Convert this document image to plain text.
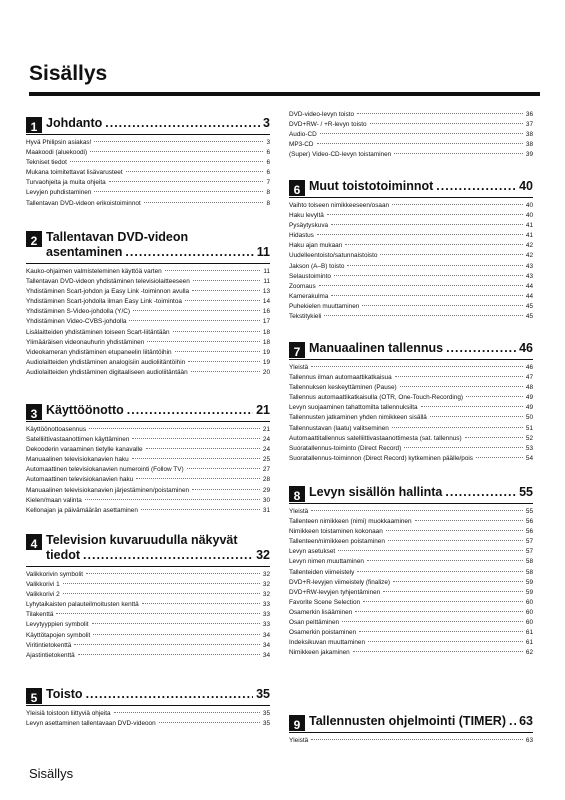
Sisällys
1 Johdanto .....	3
Hyvä Philipsin asiakas!	3
Maakoodi (aluekoodi)	6
Tekniset tiedot	6
Mukana toimitettavat lisävarusteet	6
Turvaohjeita ja muita ohjeita	7
Levyjen puhdistaminen	8
Tallentavan DVD-videon erikoistoiminnot	8
2 Tallentavan DVD-videon
asentaminen .....	11
Kauko-ohjaimen valmisteleminen käyttöä varten	11
Tallentavan DVD-videon yhdistäminen televisiolaitteeseen	11
Yhdistäminen Scart-johdon ja Easy Link -toiminnon avulla	13
Yhdistäminen Scart-johdolla ilman Easy Link -toimintoa	14
Yhdistäminen S-Video-johdolla (Y/C)	16
Yhdistäminen Video-CVBS-johdolla	17
Lisälaitteiden yhdistäminen toiseen Scart-liitäntään	18
Ylimääräisen videonauhurin yhdistäminen	18
Videokameran yhdistäminen etupaneelin liitäntöihin	19
Audiolaitteiden yhdistäminen analogisiin audioliitäntöihin	19
Audiolaitteiden yhdistäminen digitaaliseen audioliitäntään	20
3 Käyttöönotto .....	21
Käyttöönottoasennus	21
Satelliittivastaanottimen käyttäminen	24
Dekooderin varaaminen tietylle kanavalle	24
Manuaalinen televisiokanavien haku	25
Automaattinen televisiokanavien numerointi (Follow TV)	27
Automaattinen televisiokanavien haku	28
Manuaalinen televisiokanavien järjestäminen/poistaminen	29
Kielen/maan valinta	30
Kellonajan ja päivämäärän asettaminen	31
4 Television kuvaruudulla näkyvät
tiedot .....	32
Valikkorivin symbolit	32
Valikkorivi 1	32
Valikkorivi 2	32
Lyhytaikaisten palauteilmoitusten kenttä	33
Tilakenttä	33
Levytyyppien symbolit	33
Käyttötapojen symbolit	34
Viritintietokenttä	34
Ajastintietokenttä	34
5 Toisto .....	35
Yleisiä toistoon liittyviä ohjeita	35
Levyn asettaminen tallentavaan DVD-videoon	35
DVD-video-levyn toisto	36
DVD+RW- / +R-levyn toisto	37
Audio-CD	38
MP3-CD	38
(Super) Video-CD-levyn toistaminen	39
6 Muut toistotoiminnot .....	40
Vaihto toiseen nimikkeeseen/osaan	40
Haku levyltä	40
Pysäytyskuva	41
Hidastus	41
Haku ajan mukaan	42
Uudelleentoisto/satunnaistoisto	42
Jakson (A–B) toisto	43
Selaustoiminto	43
Zoomaus	44
Kamerakulma	44
Puhekielen muuttaminen	45
Tekstitykieli	45
7 Manuaalinen tallennus .....	46
Yleistä	46
Tallennus ilman automaattikatkaisua	47
Tallennuksen keskeyttäminen (Pause)	48
Tallennus automaattikatkaisulla (OTR, One-Touch-Recording)	49
Levyn suojaaminen tahattomilta tallennuksilta	49
Tallennusten jatkaminen yhden nimikkeen sisällä	50
Tallennustavan (laatu) valitseminen	51
Automaattitallennus satelliittivastaanottimesta (sat. tallennus)	52
Suoratallennus-toiminto (Direct Record)	53
Suoratallennus-toiminnon (Direct Record) kytkeminen päälle/pois	54
8 Levyn sisällön hallinta .....	55
Yleistä	55
Tallenteen nimikkeen (nimi) muokkaaminen	56
Nimikkeen toistaminen kokonaan	56
Tallenteen/nimikkeen poistaminen	57
Levyn asetukset	57
Levyn nimen muuttaminen	58
Tallenteiden viimeistely	58
DVD+R-levyjen viimeistely (finalize)	59
DVD+RW-levyjen tyhjentäminen	59
Favorite Scene Selection	60
Osamerkin lisääminen	60
Osan peittäminen	60
Osamerkin poistaminen	61
Indeksikuvan muuttaminen	61
Nimikkeen jakaminen	62
9 Tallennusten ohjelmointi (TIMER) ..... 63
Yleistä	63

Sisällys
